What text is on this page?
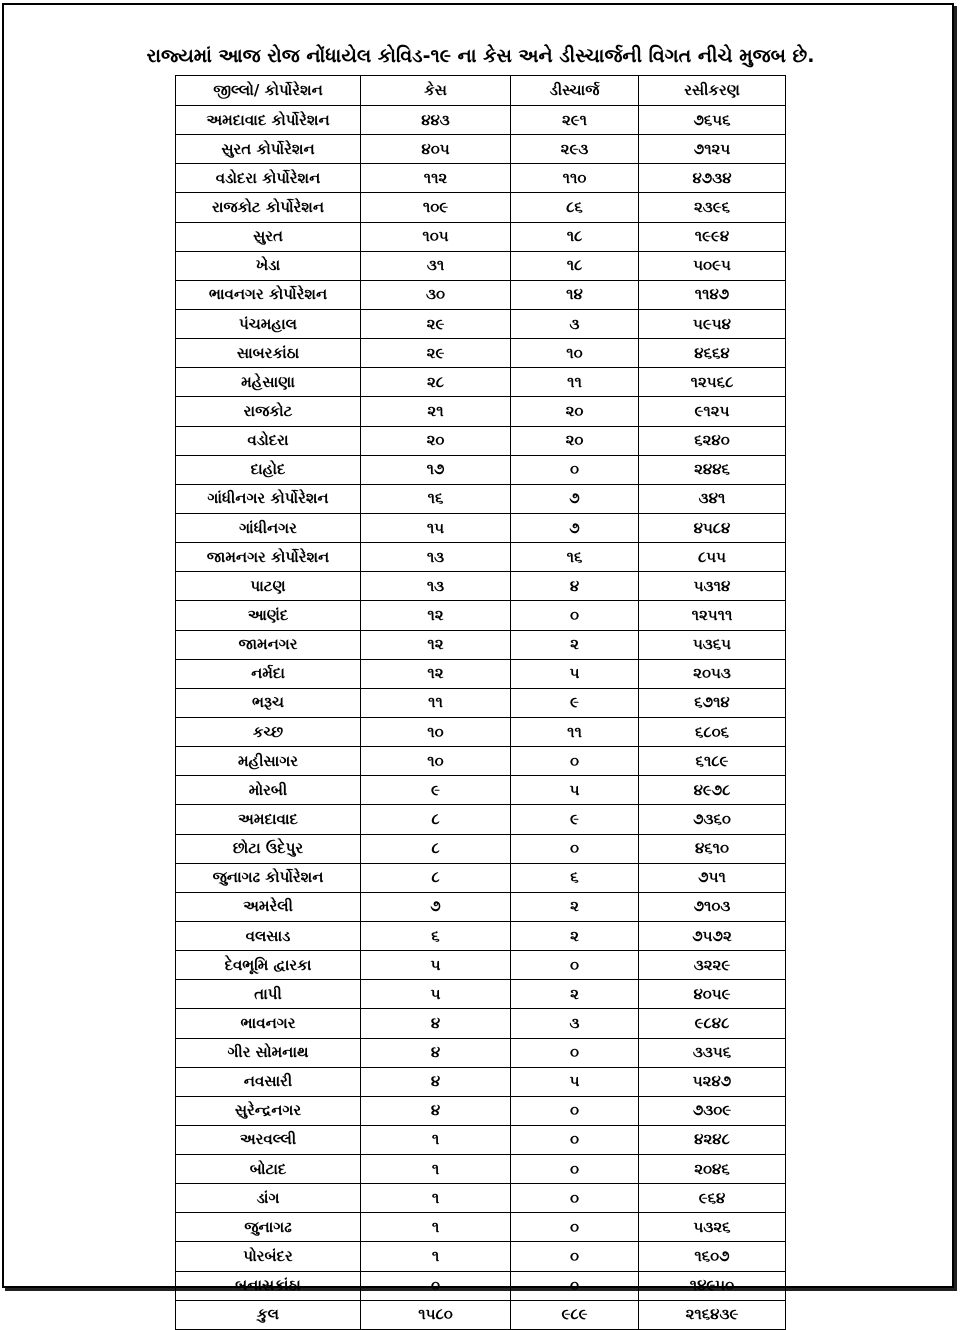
રાજ્યમાં આજ રોજ નોંધાયેલ કોવિડ-૧૯ ના કેસ અને ડીસ્ચાર્જની વિગત નીચે મુજબ છે.
જીલ્લો/ કોર્પોરેશન	કેસ	ડીસ્ચાર્જ	રસીકરણ
અમદાવાદ કોર્પોરેશન	૪૪૩	૨૯૧	૭૬૫૬
સુરત કોર્પોરેશન	૪૦૫	૨૯૩	૭૧૨૫
વડોદરા કોર્પોરેશન	૧૧૨	૧૧૦	૪૭૩૪
રાજકોટ કોર્પોરેશન	૧૦૯	૮૬	૨૩૯૬
સુરત	૧૦૫	૧૮	૧૯૯૪
ખેડા	૩૧	૧૮	૫૦૯૫
ભાવનગર કોર્પોરેશન	૩૦	૧૪	૧૧૪૭
પંચમહાલ	૨૯	૩	૫૯૫૪
સાબરકાંઠા	૨૯	૧૦	૪૬૬૪
મહેસાણા	૨૮	૧૧	૧૨૫૬૮
રાજકોટ	૨૧	૨૦	૯૧૨૫
વડોદરા	૨૦	૨૦	૬૨૪૦
દાહોદ	૧૭	૦	૨૪૪૬
ગાંધીનગર કોર્પોરેશન	૧૬	૭	૩૪૧
ગાંધીનગર	૧૫	૭	૪૫૮૪
જામનગર કોર્પોરેશન	૧૩	૧૬	૮૫૫
પાટણ	૧૩	૪	૫૩૧૪
આણંદ	૧૨	૦	૧૨૫૧૧
જામનગર	૧૨	૨	૫૩૬૫
નર્મદા	૧૨	૫	૨૦૫૩
ભરૂચ	૧૧	૯	૬૭૧૪
કચ્છ	૧૦	૧૧	૬૮૦૬
મહીસાગર	૧૦	૦	૬૧૮૯
મોરબી	૯	૫	૪૯૭૮
અમદાવાદ	૮	૯	૭૩૬૦
છોટા ઉદેપુર	૮	૦	૪૬૧૦
જુનાગઢ કોર્પોરેશન	૮	૬	૭૫૧
અમરેલી	૭	૨	૭૧૦૩
વલસાડ	૬	૨	૭૫૭૨
દેવભૂમિ દ્વારકા	૫	૦	૩૨૨૯
તાપી	૫	૨	૪૦૫૯
ભાવનગર	૪	૩	૯૮૪૮
ગીર સોમનાથ	૪	૦	૩૩૫૬
નવસારી	૪	૫	૫૨૪૭
સુરેન્દ્રનગર	૪	૦	૭૩૦૯
અરવલ્લી	૧	૦	૪૨૪૮
બોટાદ	૧	૦	૨૦૪૬
ડાંગ	૧	૦	૯૬૪
જુનાગઢ	૧	૦	૫૩૨૬
પોરબંદર	૧	૦	૧૬૦૭
બનાસકાંઠા	૦	૦	૧૪૯૫૦
કુલ	૧૫૮૦	૯૮૯	૨૧૬૪૩૯
